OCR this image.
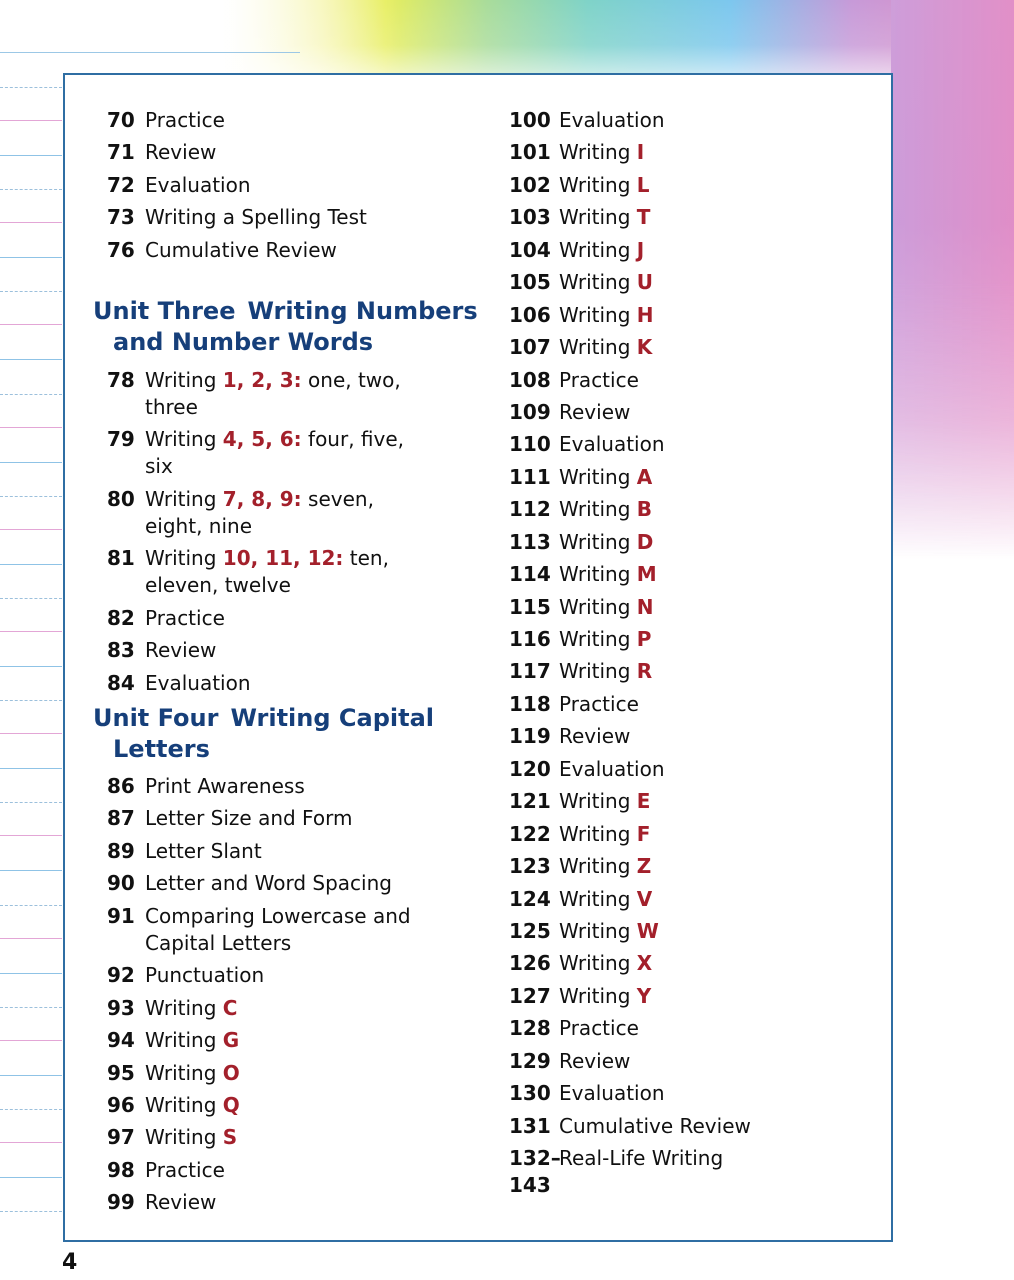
70 Practice
71 Review
72 Evaluation
73 Writing a Spelling Test
76 Cumulative Review
Unit Three Writing Numbers
and Number Words
78 Writing 1, 2, 3: one, two, three
79 Writing 4, 5, 6: four, five, six
80 Writing 7, 8, 9: seven, eight, nine
81 Writing 10, 11, 12: ten, eleven, twelve
82 Practice
83 Review
84 Evaluation
Unit Four Writing Capital
Letters
86 Print Awareness
87 Letter Size and Form
89 Letter Slant
90 Letter and Word Spacing
91 Comparing Lowercase and Capital Letters
92 Punctuation
93 Writing C
94 Writing G
95 Writing O
96 Writing Q
97 Writing S
98 Practice
99 Review
100 Evaluation
101 Writing I
102 Writing L
103 Writing T
104 Writing J
105 Writing U
106 Writing H
107 Writing K
108 Practice
109 Review
110 Evaluation
111 Writing A
112 Writing B
113 Writing D
114 Writing M
115 Writing N
116 Writing P
117 Writing R
118 Practice
119 Review
120 Evaluation
121 Writing E
122 Writing F
123 Writing Z
124 Writing V
125 Writing W
126 Writing X
127 Writing Y
128 Practice
129 Review
130 Evaluation
131 Cumulative Review
132–143
Real-Life Writing
4
